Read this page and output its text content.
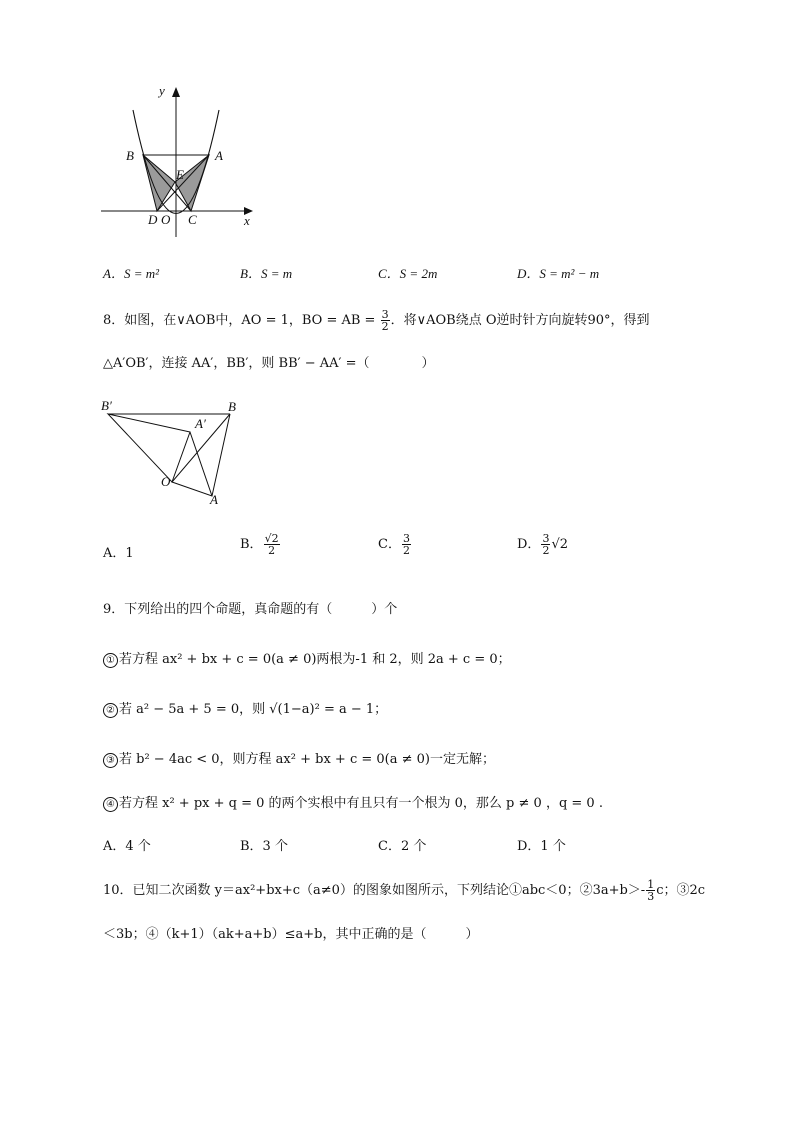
y
x
B	A
E
D O C
A．S = m²	B．S = m	C．S = 2m	D．S = m² − m
8．如图，在∨AOB中，AO = 1，BO = AB = $\frac{3}{2}$ ．将∨AOB绕点 O逆时针方向旋转90°，得到
△A′OB′，连接 AA′，BB′，则 BB′ − AA′ =（　　　　）
B′	B
A′
O
A
A．1
B． $\frac{√2}{2}$	C． $\frac{3}{2}$	D． $\frac{3}{2} √2$
9．下列给出的四个命题，真命题的有（　　　）个
① 若方程 ax² + bx + c = 0(a ≠ 0)两根为-1 和 2，则 2a + c = 0；
② 若 a² − 5a + 5 = 0，则 √(1−a)² = a − 1；
③ 若 b² − 4ac < 0，则方程 ax² + bx + c = 0(a ≠ 0)一定无解；
④ 若方程 x² + px + q = 0 的两个实根中有且只有一个根为 0，那么 p ≠ 0 ，q = 0 .
A．4 个	B．3 个	C．2 个	D．1 个
10．已知二次函数 y＝ax²+bx+c（a≠0）的图象如图所示，下列结论①abc＜0；②3a+b＞- $\frac{1}{3}$ c；③2c
＜3b；④（k+1）（ak+a+b）≤a+b，其中正确的是（　　　）
